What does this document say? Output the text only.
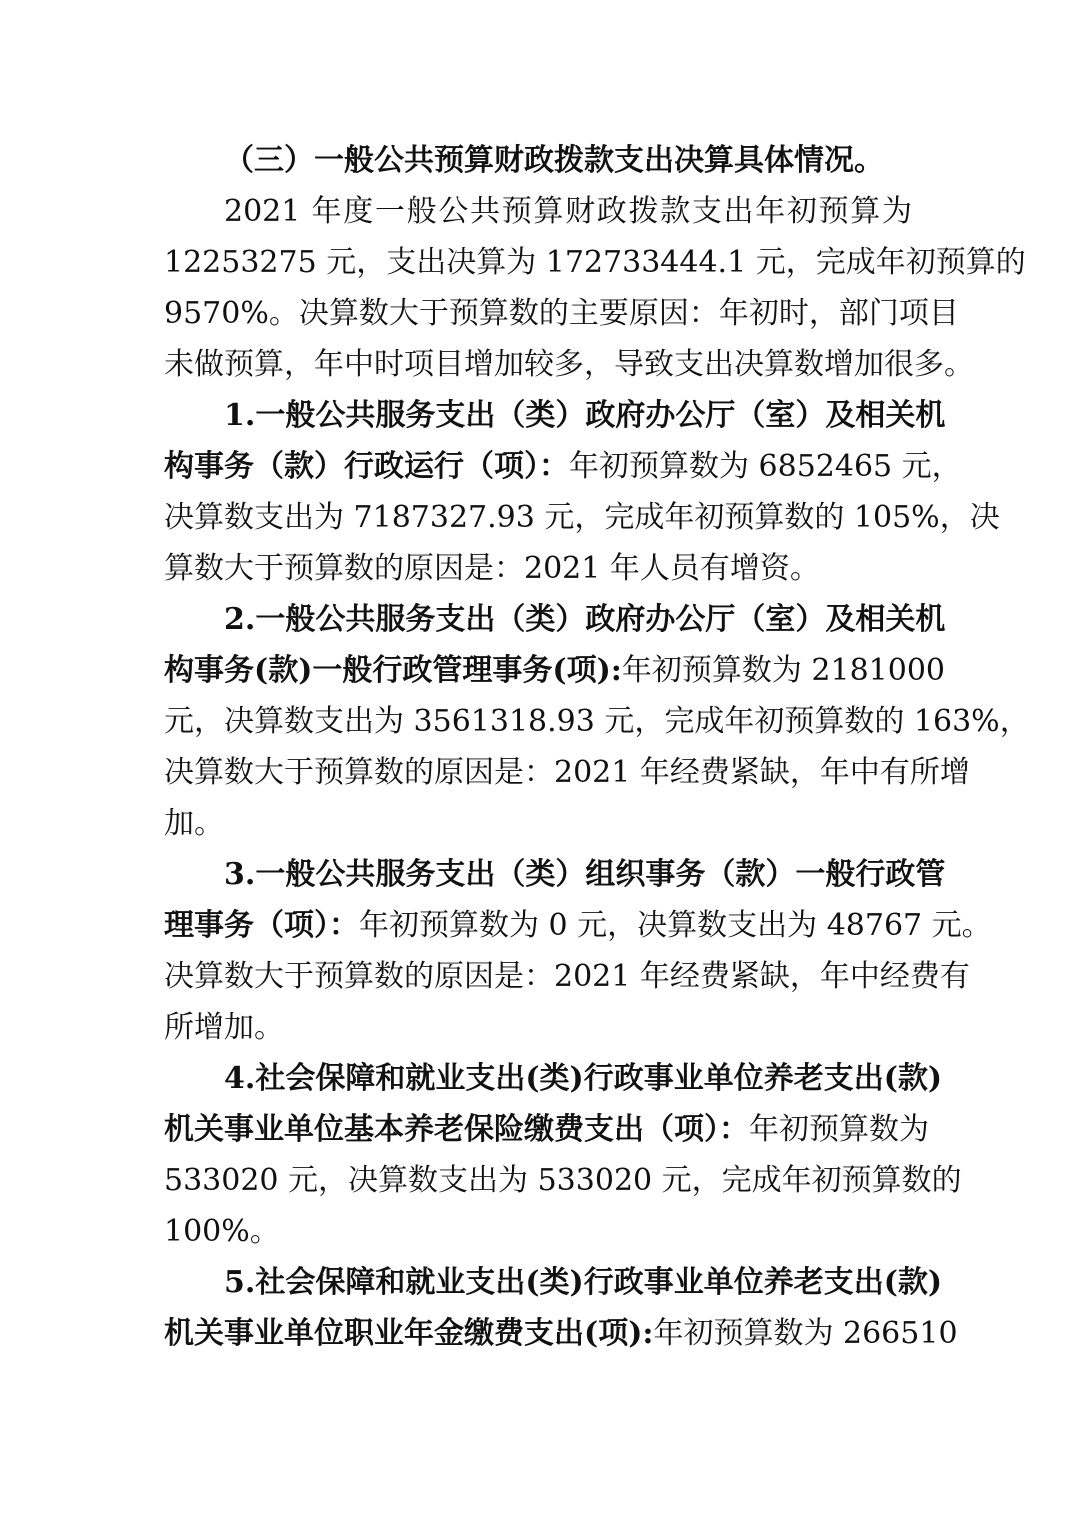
（三）一般公共预算财政拨款支出决算具体情况。

2021 年度一般公共预算财政拨款支出年初预算为
12253275 元，支出决算为 172733444.1 元，完成年初预算的
9570%。决算数大于预算数的主要原因：年初时，部门项目
未做预算，年中时项目增加较多，导致支出决算数增加很多。

1.一般公共服务支出（类）政府办公厅（室）及相关机
构事务（款）行政运行（项）：年初预算数为 6852465 元，
决算数支出为 7187327.93 元，完成年初预算数的 105%，决
算数大于预算数的原因是：2021 年人员有增资。

2.一般公共服务支出（类）政府办公厅（室）及相关机
构事务(款)一般行政管理事务(项):年初预算数为 2181000
元，决算数支出为 3561318.93 元，完成年初预算数的 163%，
决算数大于预算数的原因是：2021 年经费紧缺，年中有所增
加。

3.一般公共服务支出（类）组织事务（款）一般行政管
理事务（项）：年初预算数为 0 元，决算数支出为 48767 元。
决算数大于预算数的原因是：2021 年经费紧缺，年中经费有
所增加。

4.社会保障和就业支出(类)行政事业单位养老支出(款)
机关事业单位基本养老保险缴费支出（项）：年初预算数为
533020 元，决算数支出为 533020 元，完成年初预算数的
100%。

5.社会保障和就业支出(类)行政事业单位养老支出(款)
机关事业单位职业年金缴费支出(项):年初预算数为 266510
